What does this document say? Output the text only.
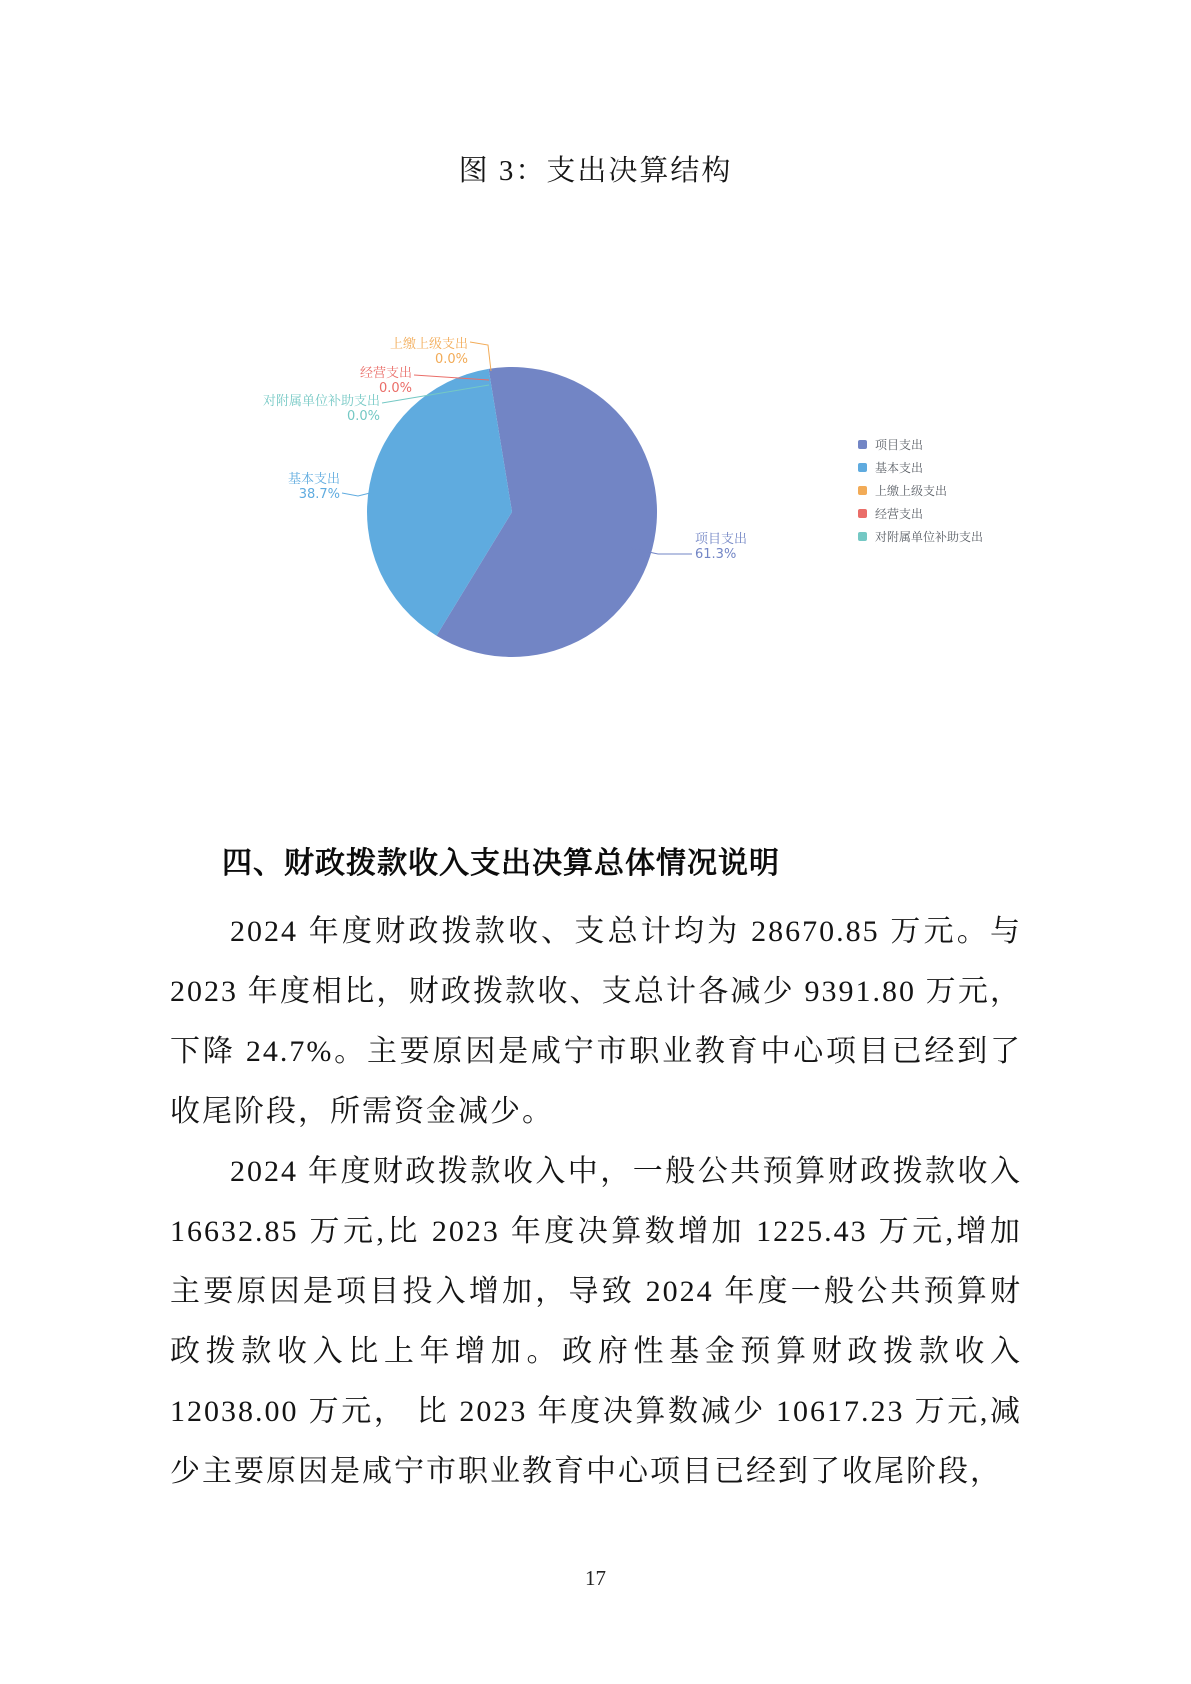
图 3：支出决算结构
上缴上级支出
0.0%
经营支出
0.0%
对附属单位补助支出
0.0%
基本支出
38.7%
项目支出
61.3%
项目支出
基本支出
上缴上级支出
经营支出
对附属单位补助支出
四、财政拨款收入支出决算总体情况说明

2024 年度财政拨款收、支总计均为 28670.85 万元。与 2023 年度相比，财政拨款收、支总计各减少 9391.80 万元，下降 24.7%。主要原因是咸宁市职业教育中心项目已经到了收尾阶段，所需资金减少。

2024 年度财政拨款收入中，一般公共预算财政拨款收入 16632.85 万元,比 2023 年度决算数增加 1225.43 万元,增加主要原因是项目投入增加，导致 2024 年度一般公共预算财政拨款收入比上年增加。政府性基金预算财政拨款收入 12038.00 万元， 比 2023 年度决算数减少 10617.23 万元,减少主要原因是咸宁市职业教育中心项目已经到了收尾阶段，

17
